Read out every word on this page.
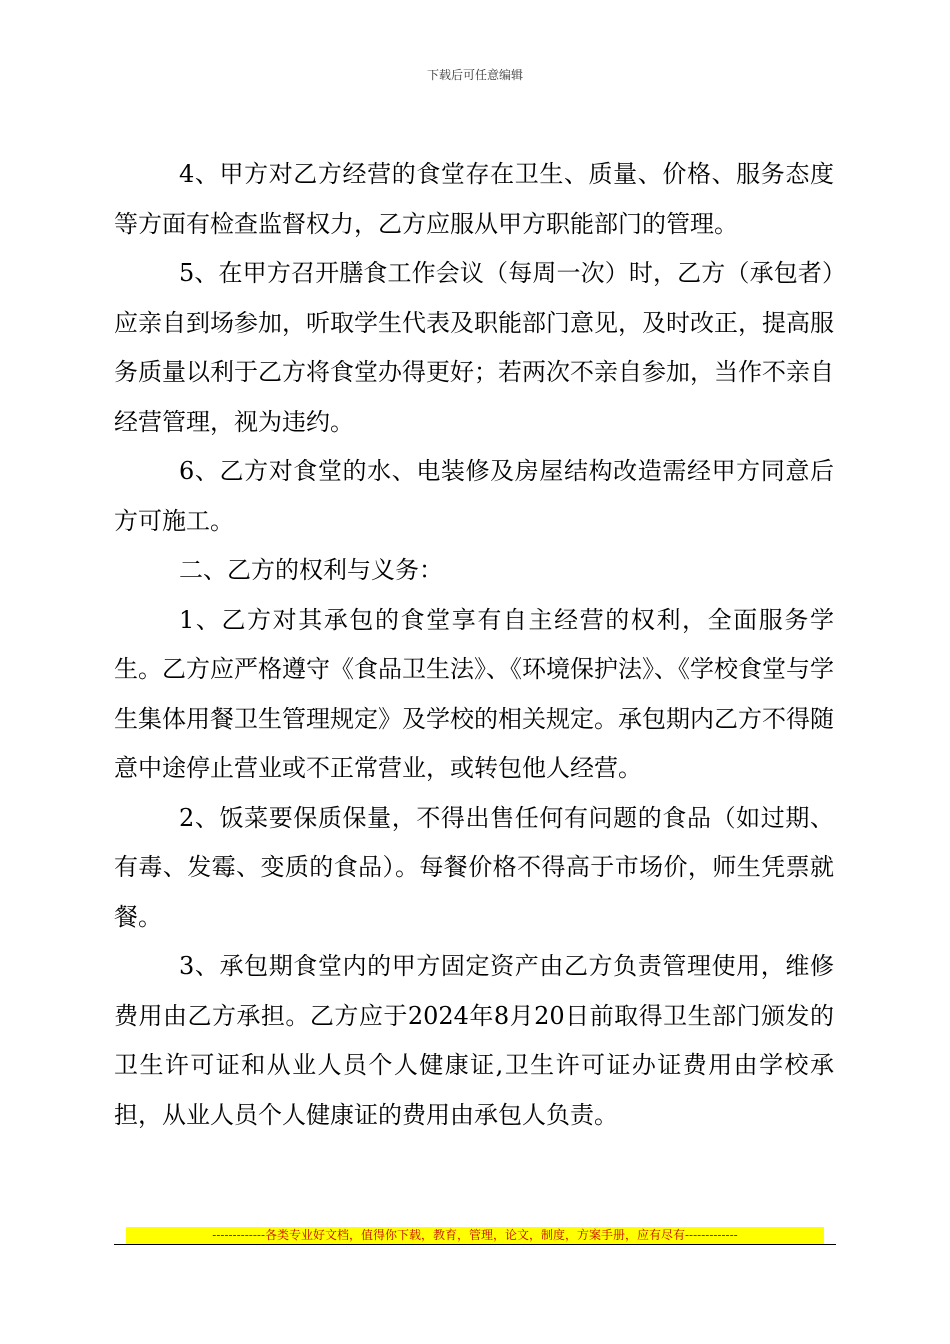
下载后可任意编辑

4、甲方对乙方经营的食堂存在卫生、质量、价格、服务态度等方面有检查监督权力，乙方应服从甲方职能部门的管理。

5、在甲方召开膳食工作会议（每周一次）时，乙方（承包者）应亲自到场参加，听取学生代表及职能部门意见，及时改正，提高服务质量以利于乙方将食堂办得更好；若两次不亲自参加，当作不亲自经营管理，视为违约。

6、乙方对食堂的水、电装修及房屋结构改造需经甲方同意后方可施工。

二、乙方的权利与义务：

1、乙方对其承包的食堂享有自主经营的权利，全面服务学生。乙方应严格遵守《食品卫生法》、《环境保护法》、《学校食堂与学生集体用餐卫生管理规定》及学校的相关规定。承包期内乙方不得随意中途停止营业或不正常营业，或转包他人经营。

2、饭菜要保质保量，不得出售任何有问题的食品（如过期、有毒、发霉、变质的食品）。每餐价格不得高于市场价，师生凭票就餐。

3、承包期食堂内的甲方固定资产由乙方负责管理使用，维修费用由乙方承担。乙方应于2024年8月20日前取得卫生部门颁发的卫生许可证和从业人员个人健康证,卫生许可证办证费用由学校承担，从业人员个人健康证的费用由承包人负责。

-------------各类专业好文档，值得你下载，教育，管理，论文，制度，方案手册，应有尽有-------------
